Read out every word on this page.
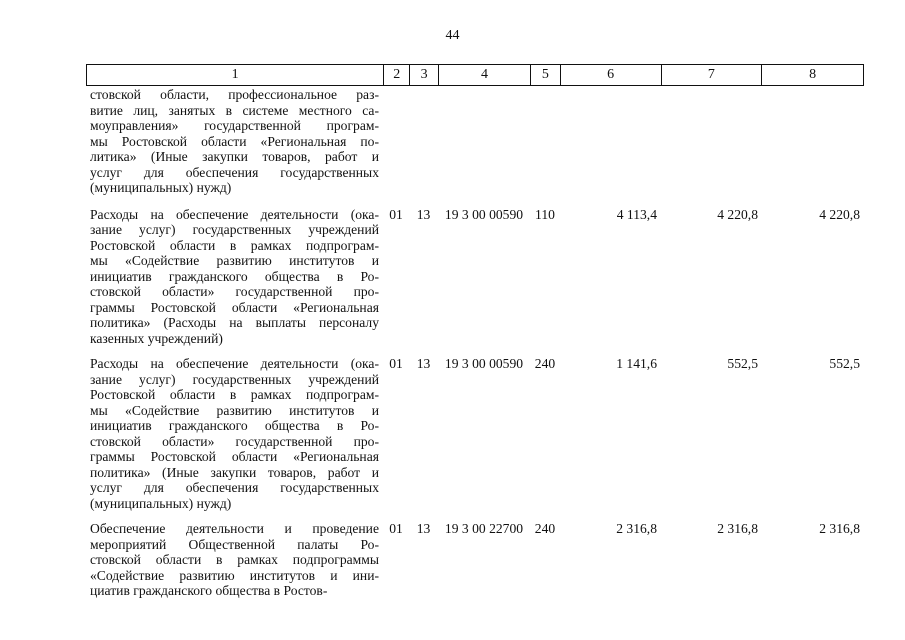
44
1	2	3	4	5	6	7	8
стовской области, профессиональное раз-
витие лиц, занятых в системе местного са-
моуправления» государственной програм-
мы Ростовской области «Региональная по-
литика» (Иные закупки товаров, работ и
услуг для обеспечения государственных
(муниципальных) нужд)
Расходы на обеспечение деятельности (ока-
зание услуг) государственных учреждений
Ростовской области в рамках подпрограм-
мы «Содействие развитию институтов и
инициатив гражданского общества в Ро-
стовской области» государственной про-
граммы Ростовской области «Региональная
политика» (Расходы на выплаты персоналу
казенных учреждений)
01	13	19 3 00 00590 110	4 113,4	4 220,8	4 220,8
Расходы на обеспечение деятельности (ока-
зание услуг) государственных учреждений
Ростовской области в рамках подпрограм-
мы «Содействие развитию институтов и
инициатив гражданского общества в Ро-
стовской области» государственной про-
граммы Ростовской области «Региональная
политика» (Иные закупки товаров, работ и
услуг для обеспечения государственных
(муниципальных) нужд)
01	13	19 3 00 00590 240	1 141,6	552,5	552,5
Обеспечение деятельности и проведение
мероприятий Общественной палаты Ро-
стовской области в рамках подпрограммы
«Содействие развитию институтов и ини-
циатив гражданского общества в Ростов-
01	13	19 3 00 22700 240	2 316,8	2 316,8	2 316,8
